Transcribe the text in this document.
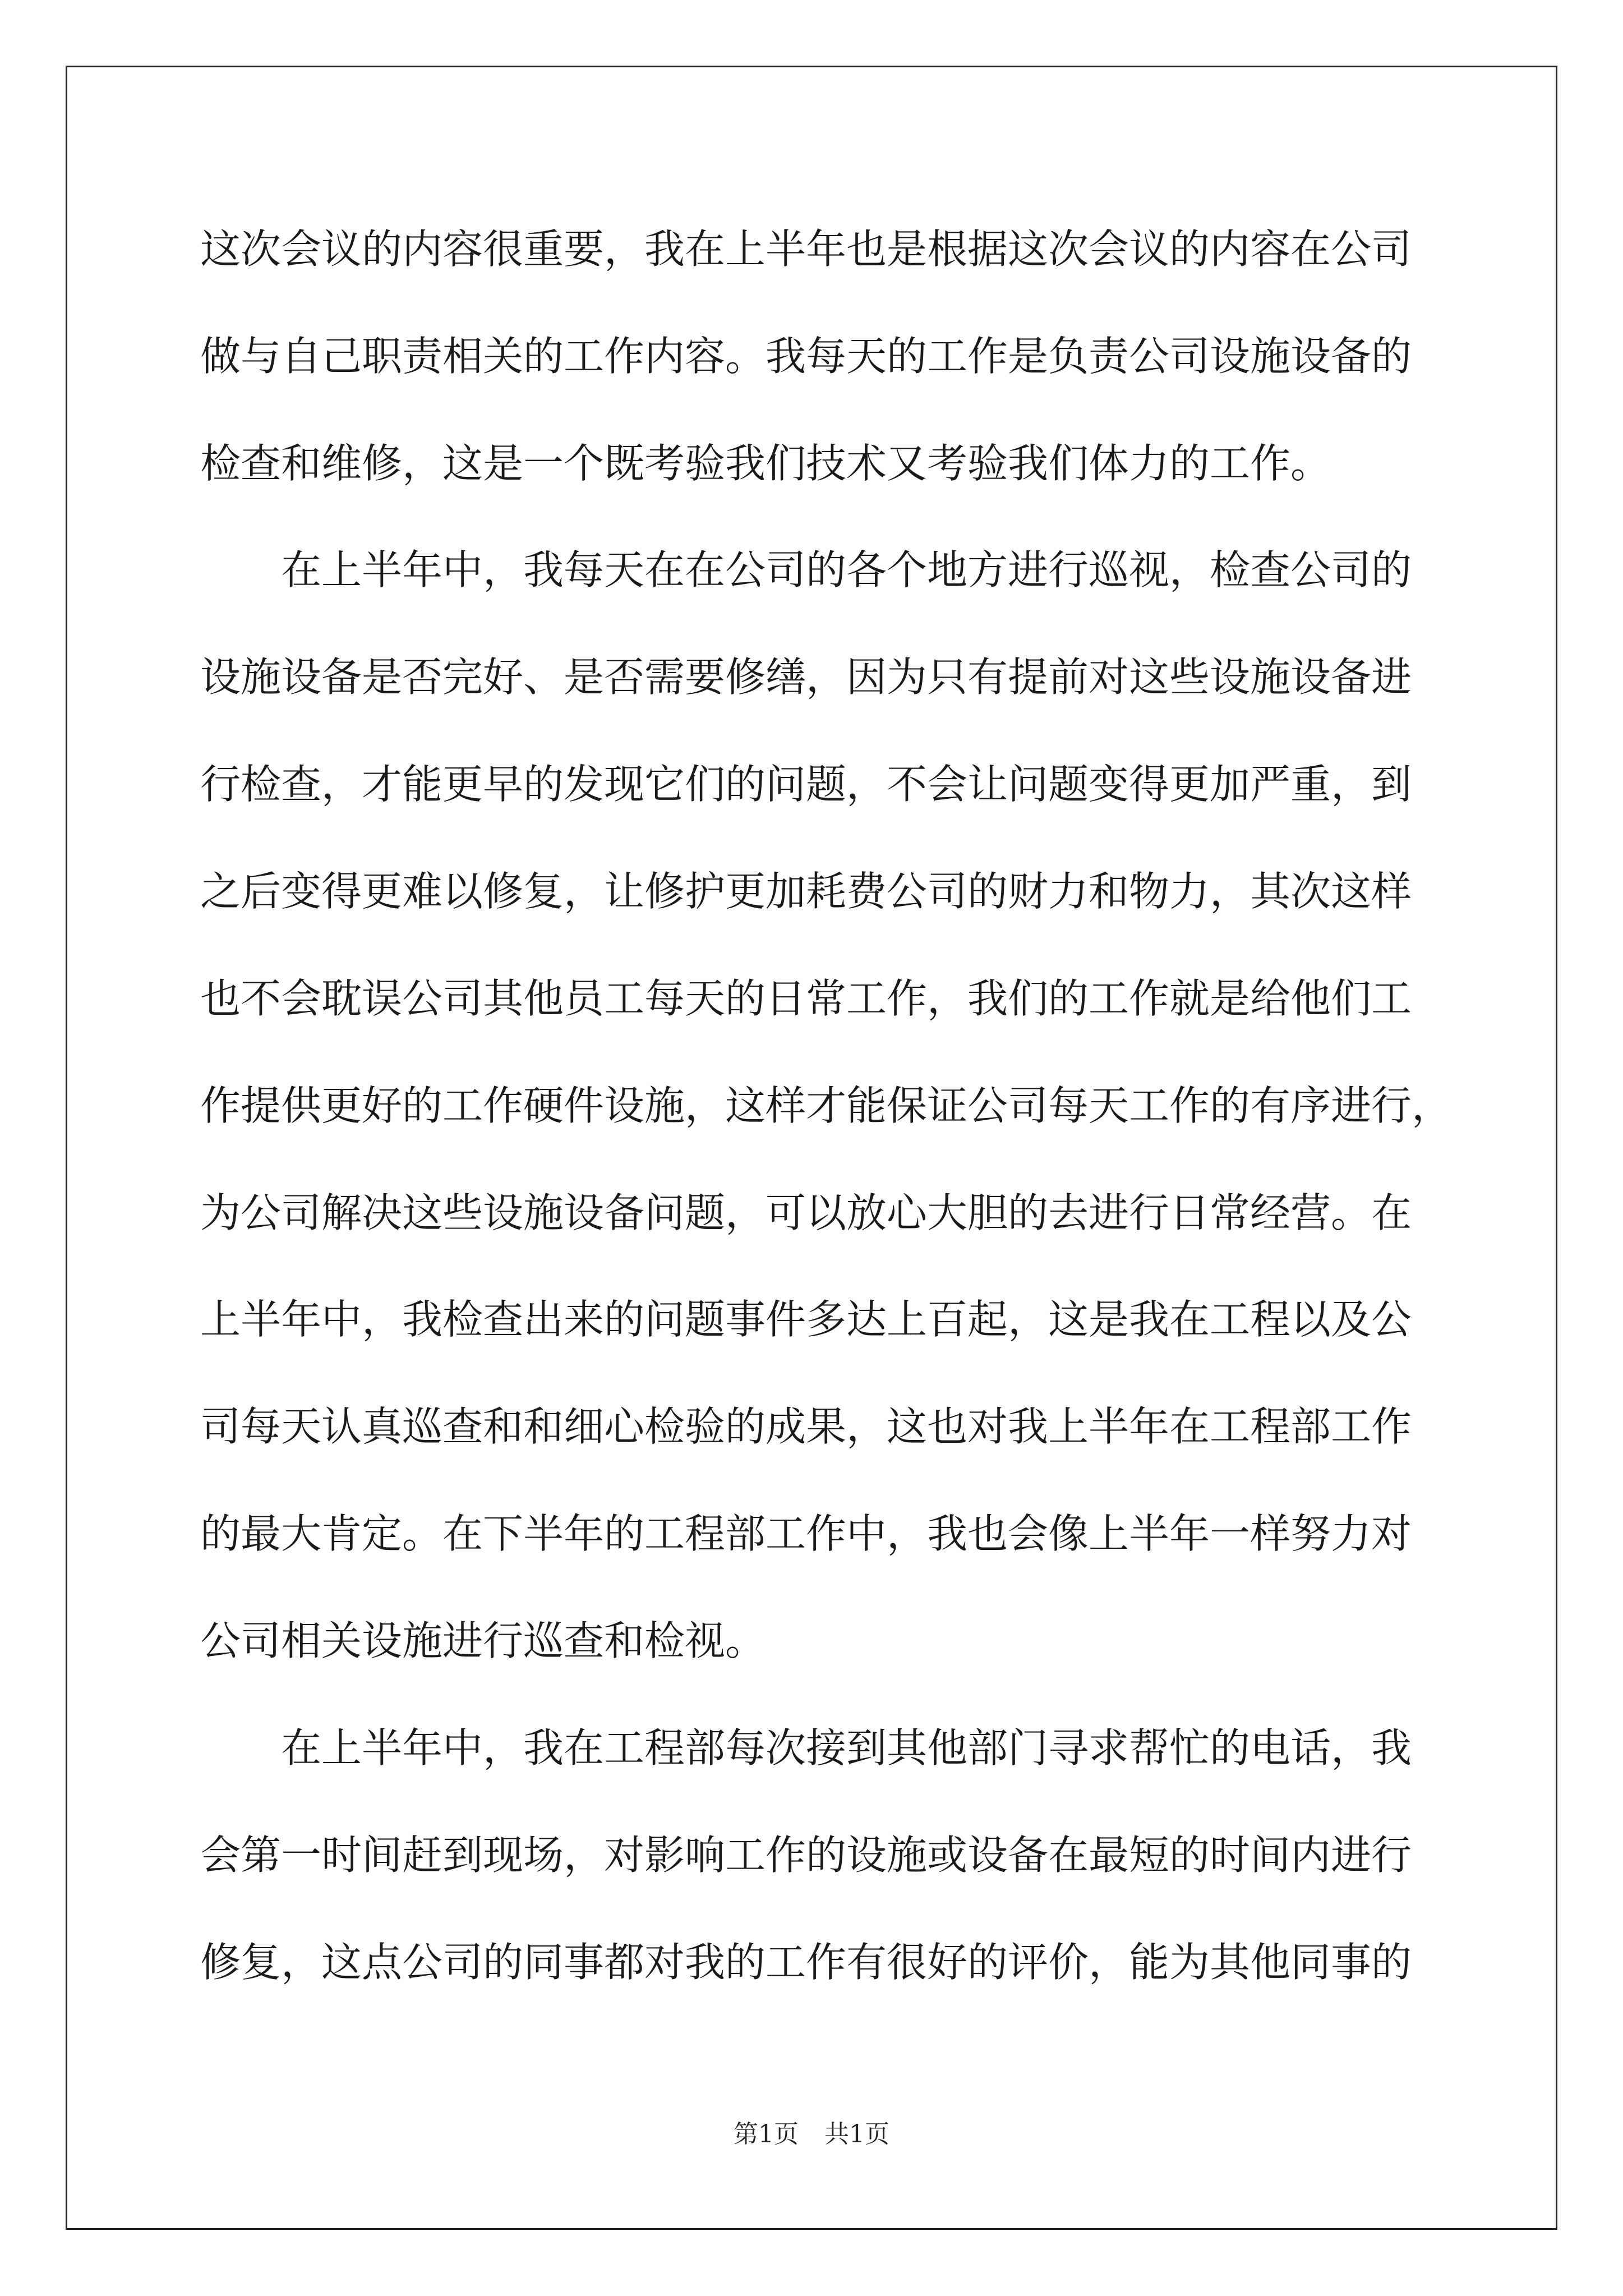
这次会议的内容很重要，我在上半年也是根据这次会议的内容在公司
做与自己职责相关的工作内容。我每天的工作是负责公司设施设备的
检查和维修，这是一个既考验我们技术又考验我们体力的工作。
　　在上半年中，我每天在在公司的各个地方进行巡视，检查公司的
设施设备是否完好、是否需要修缮，因为只有提前对这些设施设备进
行检查，才能更早的发现它们的问题，不会让问题变得更加严重，到
之后变得更难以修复，让修护更加耗费公司的财力和物力，其次这样
也不会耽误公司其他员工每天的日常工作，我们的工作就是给他们工
作提供更好的工作硬件设施，这样才能保证公司每天工作的有序进行，
为公司解决这些设施设备问题，可以放心大胆的去进行日常经营。在
上半年中，我检查出来的问题事件多达上百起，这是我在工程以及公
司每天认真巡查和和细心检验的成果，这也对我上半年在工程部工作
的最大肯定。在下半年的工程部工作中，我也会像上半年一样努力对
公司相关设施进行巡查和检视。
　　在上半年中，我在工程部每次接到其他部门寻求帮忙的电话，我
会第一时间赶到现场，对影响工作的设施或设备在最短的时间内进行
修复，这点公司的同事都对我的工作有很好的评价，能为其他同事的
第1页 共1页
